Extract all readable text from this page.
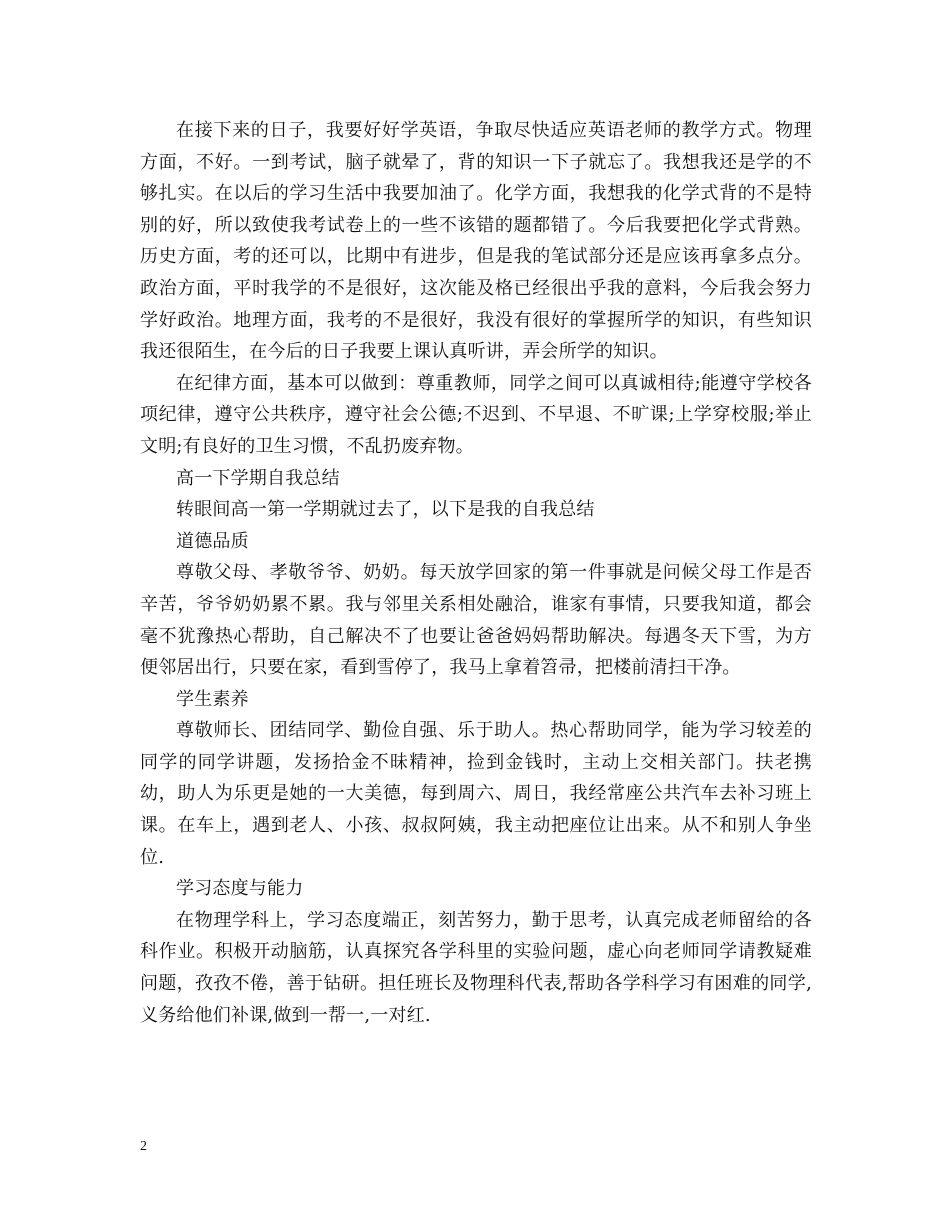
在接下来的日子，我要好好学英语，争取尽快适应英语老师的教学方式。物理方面，不好。一到考试，脑子就晕了，背的知识一下子就忘了。我想我还是学的不够扎实。在以后的学习生活中我要加油了。化学方面，我想我的化学式背的不是特别的好，所以致使我考试卷上的一些不该错的题都错了。今后我要把化学式背熟。历史方面，考的还可以，比期中有进步，但是我的笔试部分还是应该再拿多点分。政治方面，平时我学的不是很好，这次能及格已经很出乎我的意料，今后我会努力学好政治。地理方面，我考的不是很好，我没有很好的掌握所学的知识，有些知识我还很陌生，在今后的日子我要上课认真听讲，弄会所学的知识。

在纪律方面，基本可以做到：尊重教师，同学之间可以真诚相待;能遵守学校各项纪律，遵守公共秩序，遵守社会公德;不迟到、不早退、不旷课;上学穿校服;举止文明;有良好的卫生习惯，不乱扔废弃物。

高一下学期自我总结

转眼间高一第一学期就过去了，以下是我的自我总结

道德品质

尊敬父母、孝敬爷爷、奶奶。每天放学回家的第一件事就是问候父母工作是否辛苦，爷爷奶奶累不累。我与邻里关系相处融洽，谁家有事情，只要我知道，都会毫不犹豫热心帮助，自己解决不了也要让爸爸妈妈帮助解决。每遇冬天下雪，为方便邻居出行，只要在家，看到雪停了，我马上拿着笤帚，把楼前清扫干净。

学生素养

尊敬师长、团结同学、勤俭自强、乐于助人。热心帮助同学，能为学习较差的同学的同学讲题，发扬拾金不昧精神，捡到金钱时，主动上交相关部门。扶老携幼，助人为乐更是她的一大美德，每到周六、周日，我经常座公共汽车去补习班上课。在车上，遇到老人、小孩、叔叔阿姨，我主动把座位让出来。从不和别人争坐位.

学习态度与能力

在物理学科上，学习态度端正，刻苦努力，勤于思考，认真完成老师留给的各科作业。积极开动脑筋，认真探究各学科里的实验问题，虚心向老师同学请教疑难问题，孜孜不倦，善于钻研。担任班长及物理科代表,帮助各学科学习有困难的同学,义务给他们补课,做到一帮一,一对红.

2
